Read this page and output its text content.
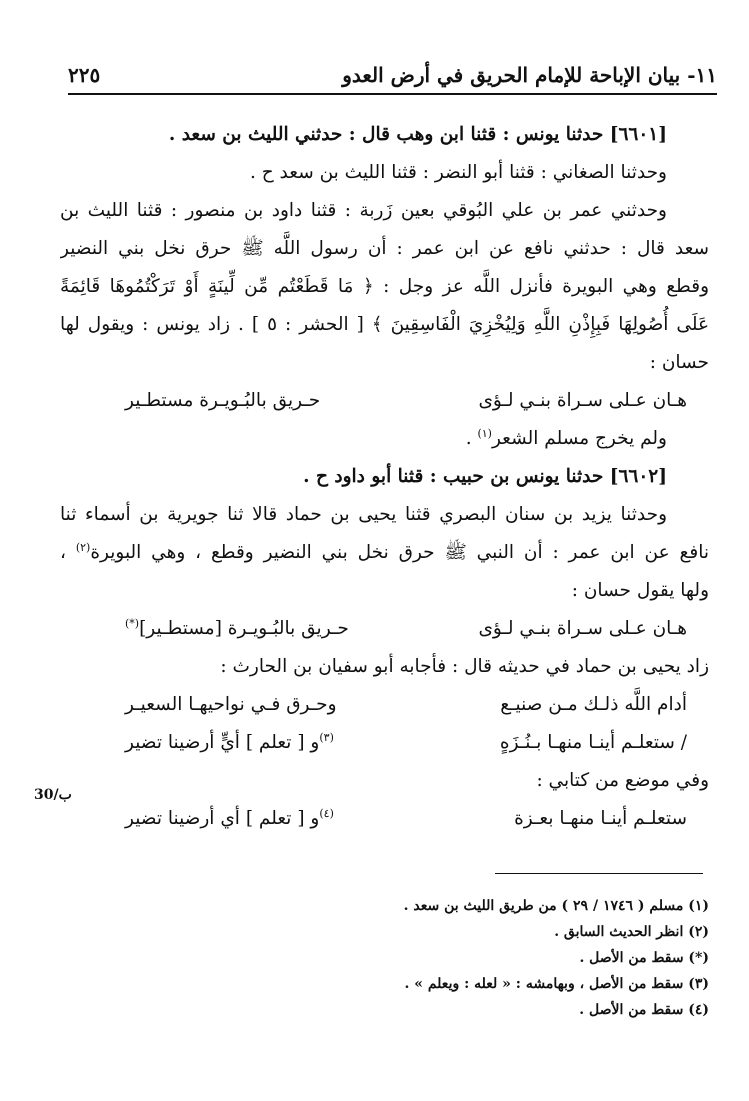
١١- بيان الإباحة للإمام الحريق في أرض العدو
٢٢٥
[٦٦٠١] حدثنا يونس : قثنا ابن وهب قال : حدثني الليث بن سعد .
وحدثنا الصغاني : قثنا أبو النضر : قثنا الليث بن سعد ح .
وحدثني عمر بن علي البُوقي بعين زَربة : قثنا داود بن منصور : قثنا الليث بن
سعد قال : حدثني نافع عن ابن عمر : أن رسول اللَّه ﷺ حرق نخل بني النضير
وقطع وهي البويرة فأنزل اللَّه عز وجل : ﴿ مَا قَطَعْتُم مِّن لِّينَةٍ أَوْ تَرَكْتُمُوهَا قَائِمَةً
عَلَى أُصُولِهَا فَبِإِذْنِ اللَّهِ وَلِيُخْزِيَ الْفَاسِقِينَ ﴾ [ الحشر : ٥ ] . زاد يونس : ويقول لها
حسان :
هـان عـلى سـراة بنـي لـؤى
حـريق بالبُـويـرة مستطـير
ولم يخرج مسلم الشعر$^{(١)}$ .
[٦٦٠٢] حدثنا يونس بن حبيب : قثنا أبو داود ح .
وحدثنا يزيد بن سنان البصري قثنا يحيى بن حماد قالا ثنا جويرية بن أسماء ثنا
نافع عن ابن عمر : أن النبي ﷺ حرق نخل بني النضير وقطع ، وهي البويرة$^{(٢)}$ ،
ولها يقول حسان :
هـان عـلى سـراة بنـي لـؤى
حـريق بالبُـويـرة [مستطـير](*)
زاد يحيى بن حماد في حديثه قال : فأجابه أبو سفيان بن الحارث :
أدام اللَّه ذلـك مـن صنيـع
وحـرق فـي نواحيهـا السعيـر
/ ستعلـم أينـا منهـا بـنُـزَهٍ
$^{(٣)}$و [ تعلم ] أيٍّ أرضينا تضير
وفي موضع من كتابي :
ستعلـم أينـا منهـا بعـزة
$^{(٤)}$و [ تعلم ] أي أرضينا تضير
30/ب
(١) مسلم ( ١٧٤٦ / ٢٩ ) من طريق الليث بن سعد .
(٢) انظر الحديث السابق .
(*) سقط من الأصل .
(٣) سقط من الأصل ، وبهامشه : « لعله : ويعلم » .
(٤) سقط من الأصل .
